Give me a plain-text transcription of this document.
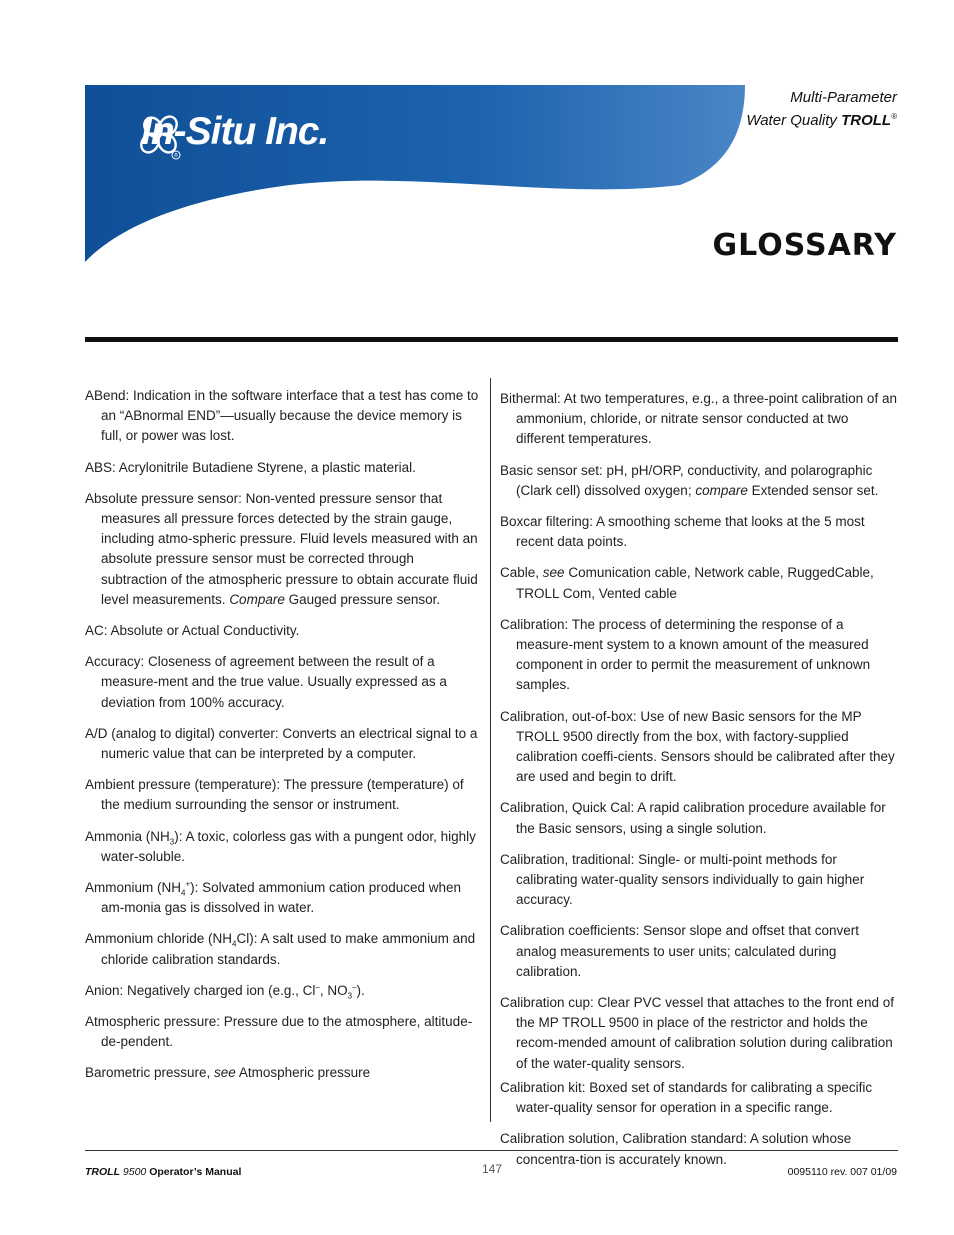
®
In-Situ Inc.
Multi-Parameter
Water Quality TROLL®
GLOSSARY

ABend: Indication in the software interface that a test has come to an “ABnormal END”—usually because the device memory is full, or power was lost.

ABS: Acrylonitrile Butadiene Styrene, a plastic material.

Absolute pressure sensor: Non-vented pressure sensor that measures all pressure forces detected by the strain gauge, including atmo-spheric pressure. Fluid levels measured with an absolute pressure sensor must be corrected through subtraction of the atmospheric pressure to obtain accurate fluid level measurements. Compare Gauged pressure sensor.

AC: Absolute or Actual Conductivity.

Accuracy: Closeness of agreement between the result of a measure-ment and the true value. Usually expressed as a deviation from 100% accuracy.

A/D (analog to digital) converter: Converts an electrical signal to a numeric value that can be interpreted by a computer.

Ambient pressure (temperature): The pressure (temperature) of the medium surrounding the sensor or instrument.

Ammonia $(NH_3)$: A toxic, colorless gas with a pungent odor, highly water-soluble.

Ammonium $(NH_4^+)$: Solvated ammonium cation produced when am-monia gas is dissolved in water.

Ammonium chloride $(NH_4Cl)$: A salt used to make ammonium and chloride calibration standards.

Anion: Negatively charged ion (e.g., Cl–, $NO_3^-$).

Atmospheric pressure: Pressure due to the atmosphere, altitude-de-pendent.

Barometric pressure, see Atmospheric pressure

Bithermal: At two temperatures, e.g., a three-point calibration of an ammonium, chloride, or nitrate sensor conducted at two different temperatures.

Basic sensor set: pH, pH/ORP, conductivity, and polarographic (Clark cell) dissolved oxygen; compare Extended sensor set.

Boxcar filtering: A smoothing scheme that looks at the 5 most recent data points.

Cable, see Comunication cable, Network cable, RuggedCable, TROLL Com, Vented cable

Calibration: The process of determining the response of a measure-ment system to a known amount of the measured component in order to permit the measurement of unknown samples.

Calibration, out-of-box: Use of new Basic sensors for the MP TROLL 9500 directly from the box, with factory-supplied calibration coeffi-cients. Sensors should be calibrated after they are used and begin to drift.

Calibration, Quick Cal: A rapid calibration procedure available for the Basic sensors, using a single solution.

Calibration, traditional: Single- or multi-point methods for calibrating water-quality sensors individually to gain higher accuracy.

Calibration coefficients: Sensor slope and offset that convert analog measurements to user units; calculated during calibration.

Calibration cup: Clear PVC vessel that attaches to the front end of the MP TROLL 9500 in place of the restrictor and holds the recom-mended amount of calibration solution during calibration of the water-quality sensors.

Calibration kit: Boxed set of standards for calibrating a specific water-quality sensor for operation in a specific range.

Calibration solution, Calibration standard: A solution whose concentra-tion is accurately known.

TROLL 9500 Operator’s Manual	147	0095110 rev. 007 01/09
